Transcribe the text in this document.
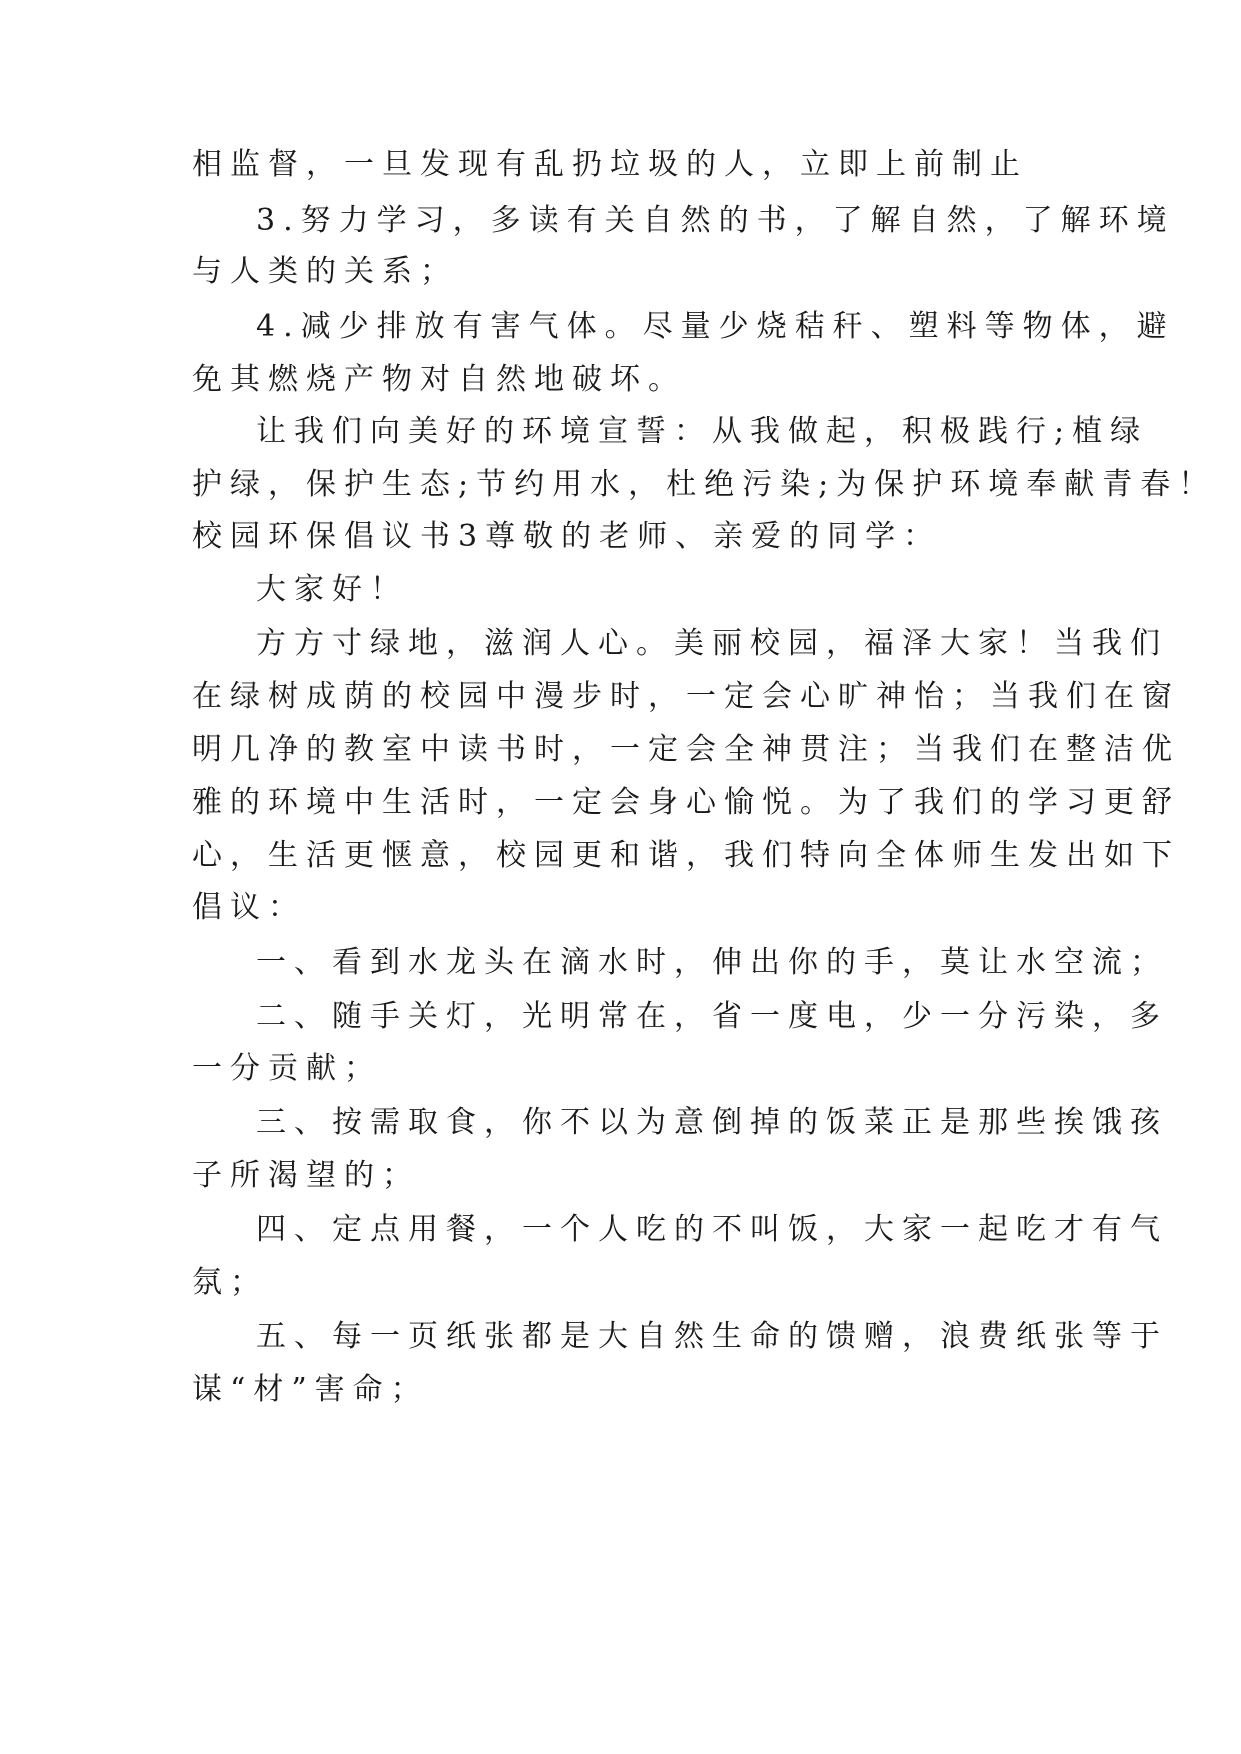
相监督，一旦发现有乱扔垃圾的人，立即上前制止
3.努力学习，多读有关自然的书，了解自然，了解环境
与人类的关系；
4.减少排放有害气体。尽量少烧秸秆、塑料等物体，避
免其燃烧产物对自然地破坏。
让我们向美好的环境宣誓：从我做起，积极践行;植绿
护绿，保护生态;节约用水，杜绝污染;为保护环境奉献青春！
校园环保倡议书3尊敬的老师、亲爱的同学：
大家好！
方方寸绿地，滋润人心。美丽校园，福泽大家！当我们
在绿树成荫的校园中漫步时，一定会心旷神怡；当我们在窗
明几净的教室中读书时，一定会全神贯注；当我们在整洁优
雅的环境中生活时，一定会身心愉悦。为了我们的学习更舒
心，生活更惬意，校园更和谐，我们特向全体师生发出如下
倡议：
一、看到水龙头在滴水时，伸出你的手，莫让水空流；
二、随手关灯，光明常在，省一度电，少一分污染，多
一分贡献；
三、按需取食，你不以为意倒掉的饭菜正是那些挨饿孩
子所渴望的；
四、定点用餐，一个人吃的不叫饭，大家一起吃才有气
氛；
五、每一页纸张都是大自然生命的馈赠，浪费纸张等于
谋“材”害命；
